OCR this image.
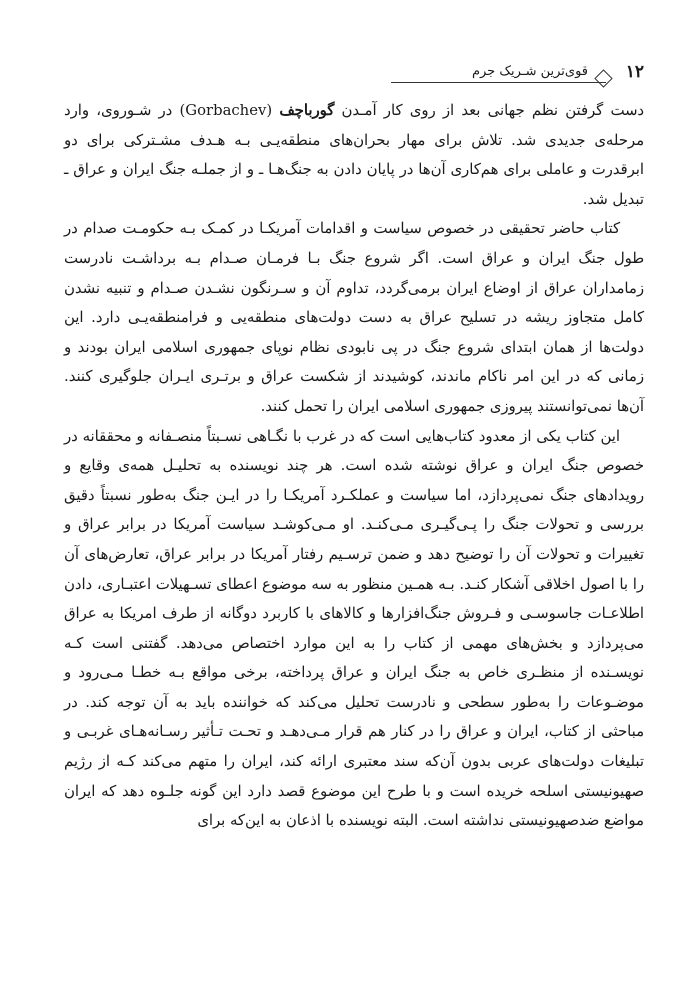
١٢
قوی‌ترین شـریک جرم

دست گرفتن نظم جهانی بعد از روی کار آمـدن گورباچف (Gorbachev) در شـوروی، وارد مرحله‌ی جدیدی شد. تلاش برای مهار بحران‌های منطقه‌یـی بـه هـدف مشـترکی برای دو ابرقدرت و عاملی برای هم‌کاری آن‌ها در پایان دادن به جنگ‌هـا ـ و از جملـه جنگ ایران و عراق ـ تبدیل شد.

کتاب حاضر تحقیقی در خصوص سیاست و اقدامات آمریکـا در کمـک بـه حکومـت صدام در طول جنگ ایران و عراق است. اگر شروع جنگ بـا فرمـان صـدام بـه برداشـت نادرست زمامداران عراق از اوضاع ایران برمی‌گردد، تداوم آن و سـرنگون نشـدن صـدام و تنبیه نشدن کامل متجاوز ریشه در تسلیح عراق به دست دولت‌های منطقه‌یی و فرامنطقه‌یـی دارد. این دولت‌ها از همان ابتدای شروع جنگ در پی نابودی نظام نوپای جمهوری اسلامی ایران بودند و زمانی که در این امر ناکام ماندند، کوشیدند از شکست عراق و برتـری ایـران جلوگیری کنند. آن‌ها نمی‌توانستند پیروزی جمهوری اسلامی ایران را تحمل کنند.

این کتاب یکی از معدود کتاب‌هایی است که در غرب با نگـاهی نسـبتاً منصـفانه و محققانه در خصوص جنگ ایران و عراق نوشته شده است. هر چند نویسنده به تحلیـل همه‌ی وقایع و رویدادهای جنگ نمی‌پردازد، اما سیاست و عملکـرد آمریکـا را در ایـن جنگ به‌طور نسبتاً دقیق بررسی و تحولات جنگ را پـی‌گیـری مـی‌کنـد. او مـی‌کوشـد سیاست آمریکا در برابر عراق و تغییرات و تحولات آن را توضیح دهد و ضمن ترسـیم رفتار آمریکا در برابر عراق، تعارض‌های آن را با اصول اخلاقی آشکار کنـد. بـه همـین منظور به سه موضوع اعطای تسـهیلات اعتبـاری، دادن اطلاعـات جاسوسـی و فـروش جنگ‌افزارها و کالاهای با کاربرد دوگانه از طرف امریکا به عراق می‌پردازد و بخش‌های مهمی از کتاب را به این موارد اختصاص می‌دهد. گفتنی است کـه نویسـنده از منظـری خاص به جنگ ایران و عراق پرداخته، برخی مواقع بـه خطـا مـی‌رود و موضـوعات را به‌طور سطحی و نادرست تحلیل می‌کند که خواننده باید به آن توجه کند. در مباحثی از کتاب، ایران و عراق را در کنار هم قرار مـی‌دهـد و تحـت تـأثیر رسـانه‌هـای غربـی و تبلیغات دولت‌های عربی بدون آن‌که سند معتبری ارائه کند، ایران را متهم می‌کند کـه از رژیم صهیونیستی اسلحه خریده است و با طرح این موضوع قصد دارد این گونه جلـوه دهد که ایران مواضع ضدصهیونیستی نداشته است. البته نویسنده با اذعان به این‌که برای
